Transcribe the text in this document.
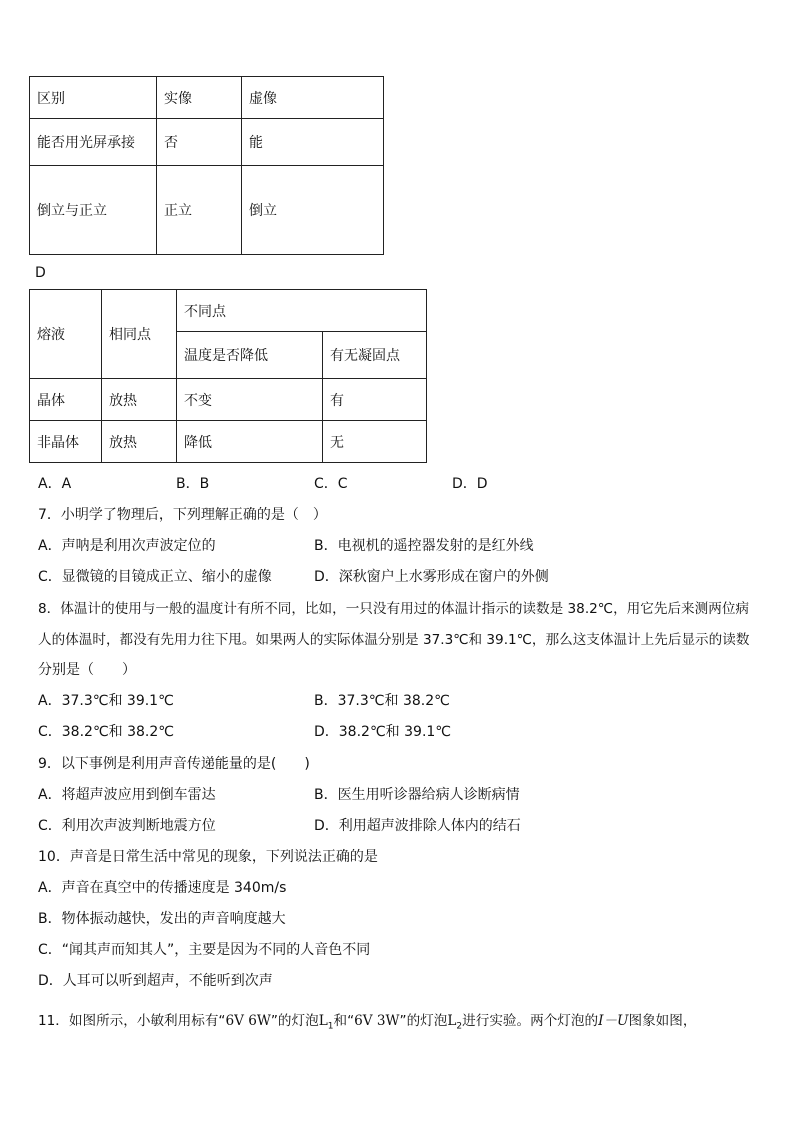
区别	实像	虚像
能否用光屏承接	否	能
倒立与正立	正立	倒立
D
熔液	相同点	不同点	
		温度是否降低	有无凝固点
晶体	放热	不变	有
非晶体	放热	降低	无
A．A	B．B	C．C	D．D
7．小明学了物理后，下列理解正确的是（　）
A．声呐是利用次声波定位的	B．电视机的遥控器发射的是红外线
C．显微镜的目镜成正立、缩小的虚像	D．深秋窗户上水雾形成在窗户的外侧
8．体温计的使用与一般的温度计有所不同，比如，一只没有用过的体温计指示的读数是 38.2℃，用它先后来测两位病
人的体温时，都没有先用力往下甩。如果两人的实际体温分别是 37.3℃和 39.1℃，那么这支体温计上先后显示的读数
分别是（　　）
A．37.3℃和 39.1℃	B．37.3℃和 38.2℃
C．38.2℃和 38.2℃	D．38.2℃和 39.1℃
9．以下事例是利用声音传递能量的是(　　)
A．将超声波应用到倒车雷达	B．医生用听诊器给病人诊断病情
C．利用次声波判断地震方位	D．利用超声波排除人体内的结石
10．声音是日常生活中常见的现象，下列说法正确的是
A．声音在真空中的传播速度是 340m/s
B．物体振动越快，发出的声音响度越大
C．“闻其声而知其人”，主要是因为不同的人音色不同
D．人耳可以听到超声，不能听到次声
11．如图所示，小敏利用标有“6V 6W”的灯泡$L_1$和“6V 3W”的灯泡$L_2$进行实验。两个灯泡的I－U图象如图，
